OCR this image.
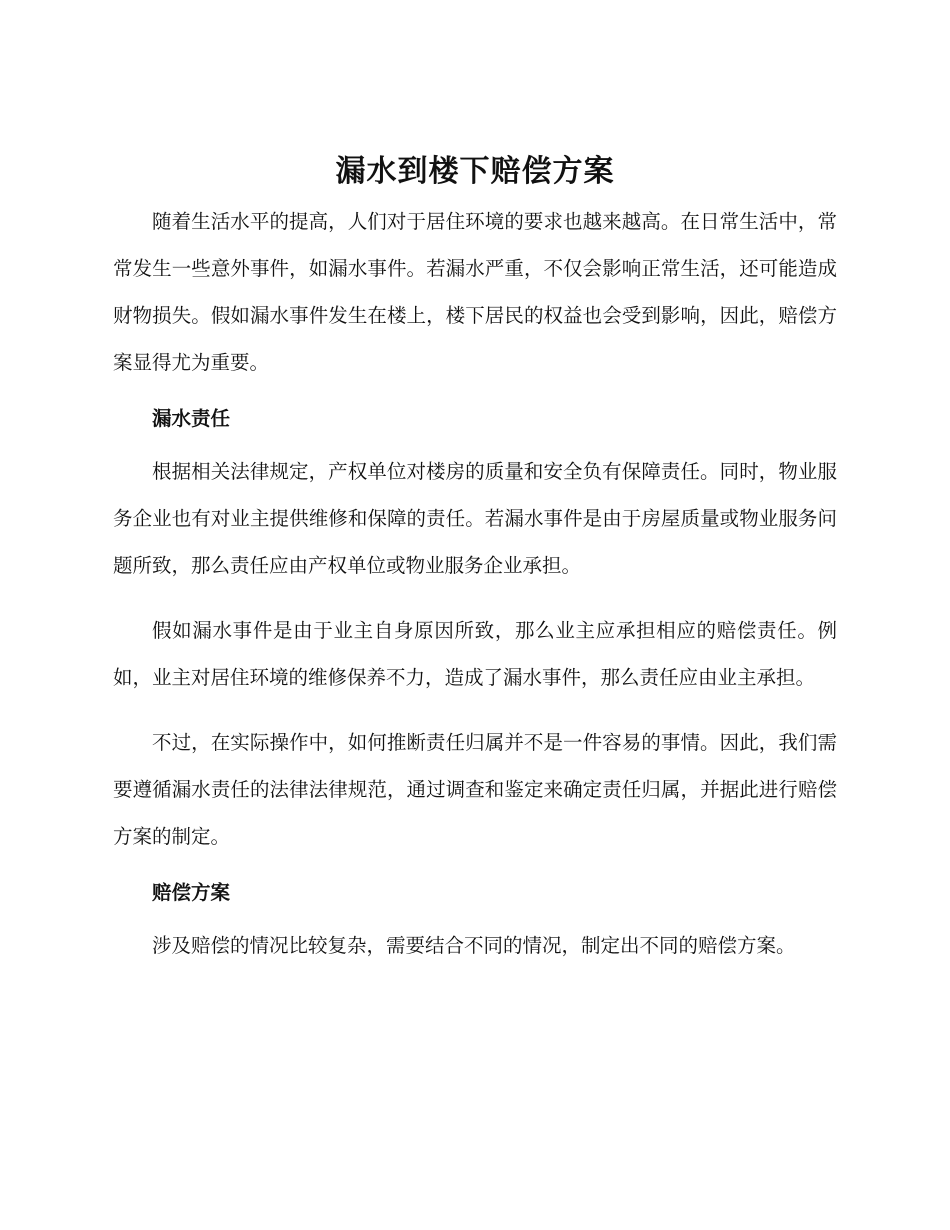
漏水到楼下赔偿方案

随着生活水平的提高，人们对于居住环境的要求也越来越高。在日常生活中，常常发生一些意外事件，如漏水事件。若漏水严重，不仅会影响正常生活，还可能造成财物损失。假如漏水事件发生在楼上，楼下居民的权益也会受到影响，因此，赔偿方案显得尤为重要。

漏水责任

根据相关法律规定，产权单位对楼房的质量和安全负有保障责任。同时，物业服务企业也有对业主提供维修和保障的责任。若漏水事件是由于房屋质量或物业服务问题所致，那么责任应由产权单位或物业服务企业承担。

假如漏水事件是由于业主自身原因所致，那么业主应承担相应的赔偿责任。例如，业主对居住环境的维修保养不力，造成了漏水事件，那么责任应由业主承担。

不过，在实际操作中，如何推断责任归属并不是一件容易的事情。因此，我们需要遵循漏水责任的法律法律规范，通过调查和鉴定来确定责任归属，并据此进行赔偿方案的制定。

赔偿方案

涉及赔偿的情况比较复杂，需要结合不同的情况，制定出不同的赔偿方案。
